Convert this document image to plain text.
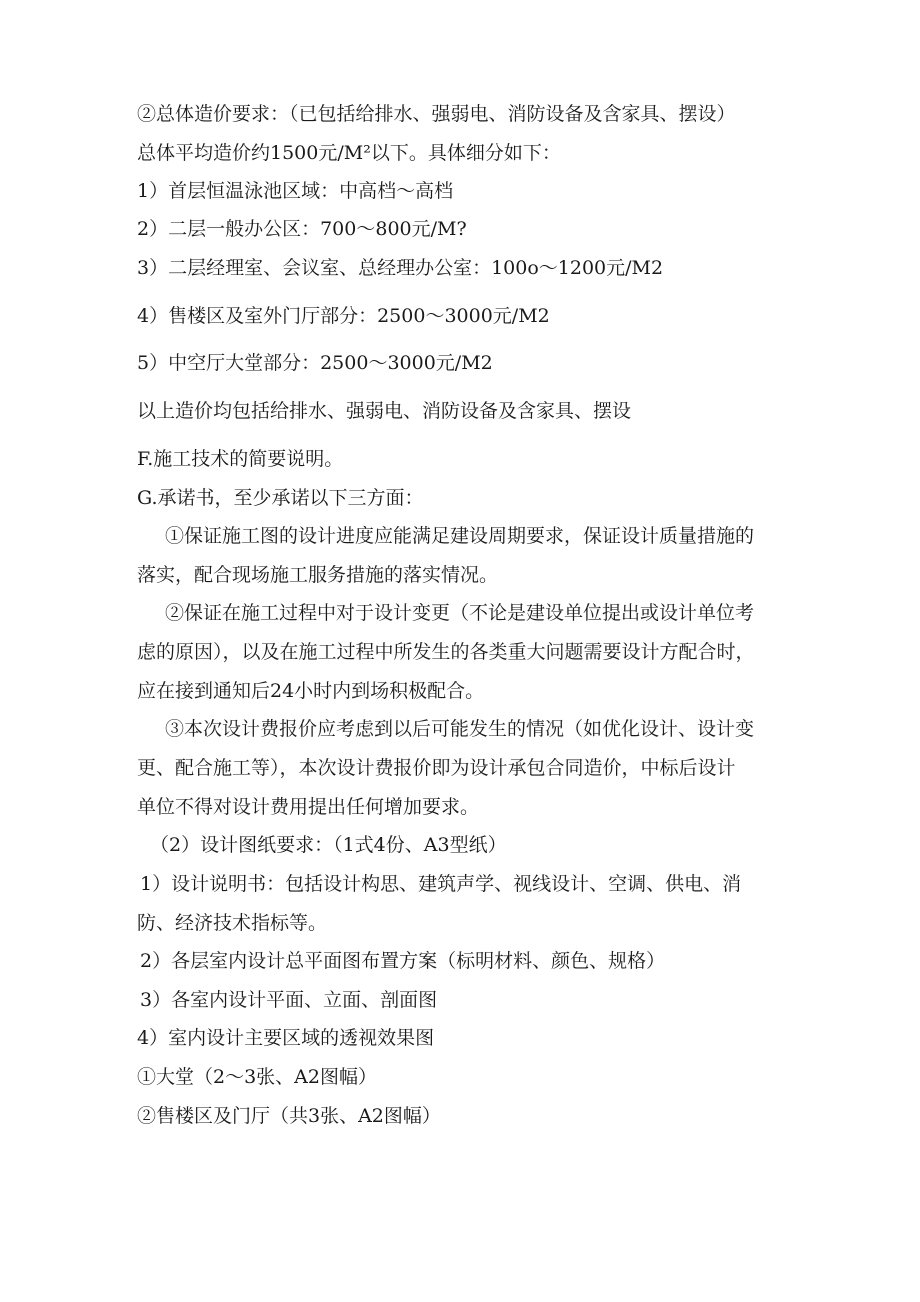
②总体造价要求：（已包括给排水、强弱电、消防设备及含家具、摆设）
总体平均造价约1500元/M²以下。具体细分如下：
1）首层恒温泳池区域：中高档～高档
2）二层一般办公区：700～800元/M?
3）二层经理室、会议室、总经理办公室：100o～1200元/M2
4）售楼区及室外门厅部分：2500～3000元/M2
5）中空厅大堂部分：2500～3000元/M2
以上造价均包括给排水、强弱电、消防设备及含家具、摆设
F.施工技术的简要说明。
G.承诺书，至少承诺以下三方面：
①保证施工图的设计进度应能满足建设周期要求，保证设计质量措施的
落实，配合现场施工服务措施的落实情况。
②保证在施工过程中对于设计变更（不论是建设单位提出或设计单位考
虑的原因），以及在施工过程中所发生的各类重大问题需要设计方配合时，
应在接到通知后24小时内到场积极配合。
③本次设计费报价应考虑到以后可能发生的情况（如优化设计、设计变
更、配合施工等），本次设计费报价即为设计承包合同造价，中标后设计
单位不得对设计费用提出任何增加要求。
（2）设计图纸要求：（1式4份、A3型纸）
1）设计说明书：包括设计构思、建筑声学、视线设计、空调、供电、消
防、经济技术指标等。
2）各层室内设计总平面图布置方案（标明材料、颜色、规格）
3）各室内设计平面、立面、剖面图
4）室内设计主要区域的透视效果图
①大堂（2～3张、A2图幅）
②售楼区及门厅（共3张、A2图幅）
